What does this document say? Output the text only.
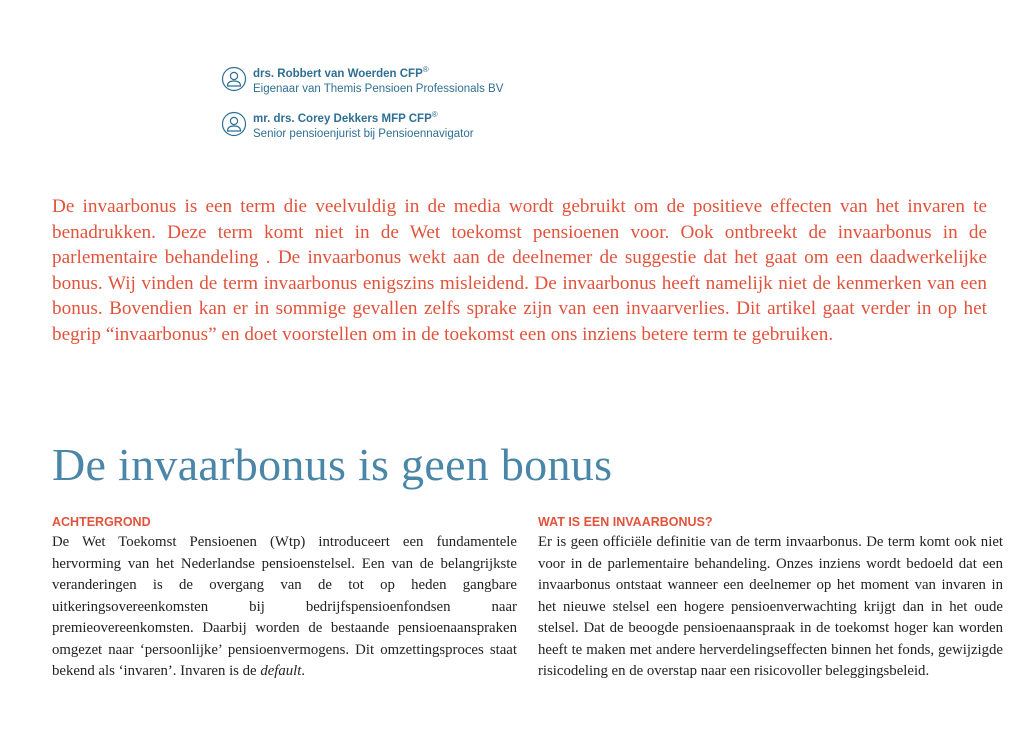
drs. Robbert van Woerden CFP®
Eigenaar van Themis Pensioen Professionals BV
mr. drs. Corey Dekkers MFP CFP®
Senior pensioenjurist bij Pensioennavigator

De invaarbonus is een term die veelvuldig in de media wordt gebruikt om de positieve effecten van het invaren te benadrukken. Deze term komt niet in de Wet toekomst pensioenen voor. Ook ontbreekt de invaarbonus in de parlementaire behandeling . De invaarbonus wekt aan de deelnemer de suggestie dat het gaat om een daadwerkelijke bonus. Wij vinden de term invaarbonus enigszins misleidend. De invaarbonus heeft namelijk niet de kenmerken van een bonus. Bovendien kan er in sommige gevallen zelfs sprake zijn van een invaarverlies. Dit artikel gaat verder in op het begrip “invaarbonus” en doet voorstellen om in de toekomst een ons inziens betere term te gebruiken.

De invaarbonus is geen bonus
ACHTERGROND

De Wet Toekomst Pensioenen (Wtp) introduceert een fundamentele hervorming van het Nederlandse pensioenstelsel. Een van de belangrijkste veranderingen is de overgang van de tot op heden gangbare uitkeringsovereenkomsten bij bedrijfspensioenfondsen naar premieovereenkomsten. Daarbij worden de bestaande pensioenaanspraken omgezet naar ‘persoonlijke’ pensioenvermogens. Dit omzettingsproces staat bekend als ‘invaren’. Invaren is de default.

WAT IS EEN INVAARBONUS?

Er is geen officiële definitie van de term invaarbonus. De term komt ook niet voor in de parlementaire behandeling. Onzes inziens wordt bedoeld dat een invaarbonus ontstaat wanneer een deelnemer op het moment van invaren in het nieuwe stelsel een hogere pensioenverwachting krijgt dan in het oude stelsel. Dat de beoogde pensioenaanspraak in de toekomst hoger kan worden heeft te maken met andere herverdelingseffecten binnen het fonds, gewijzigde risicodeling en de overstap naar een risicovoller beleggingsbeleid.
